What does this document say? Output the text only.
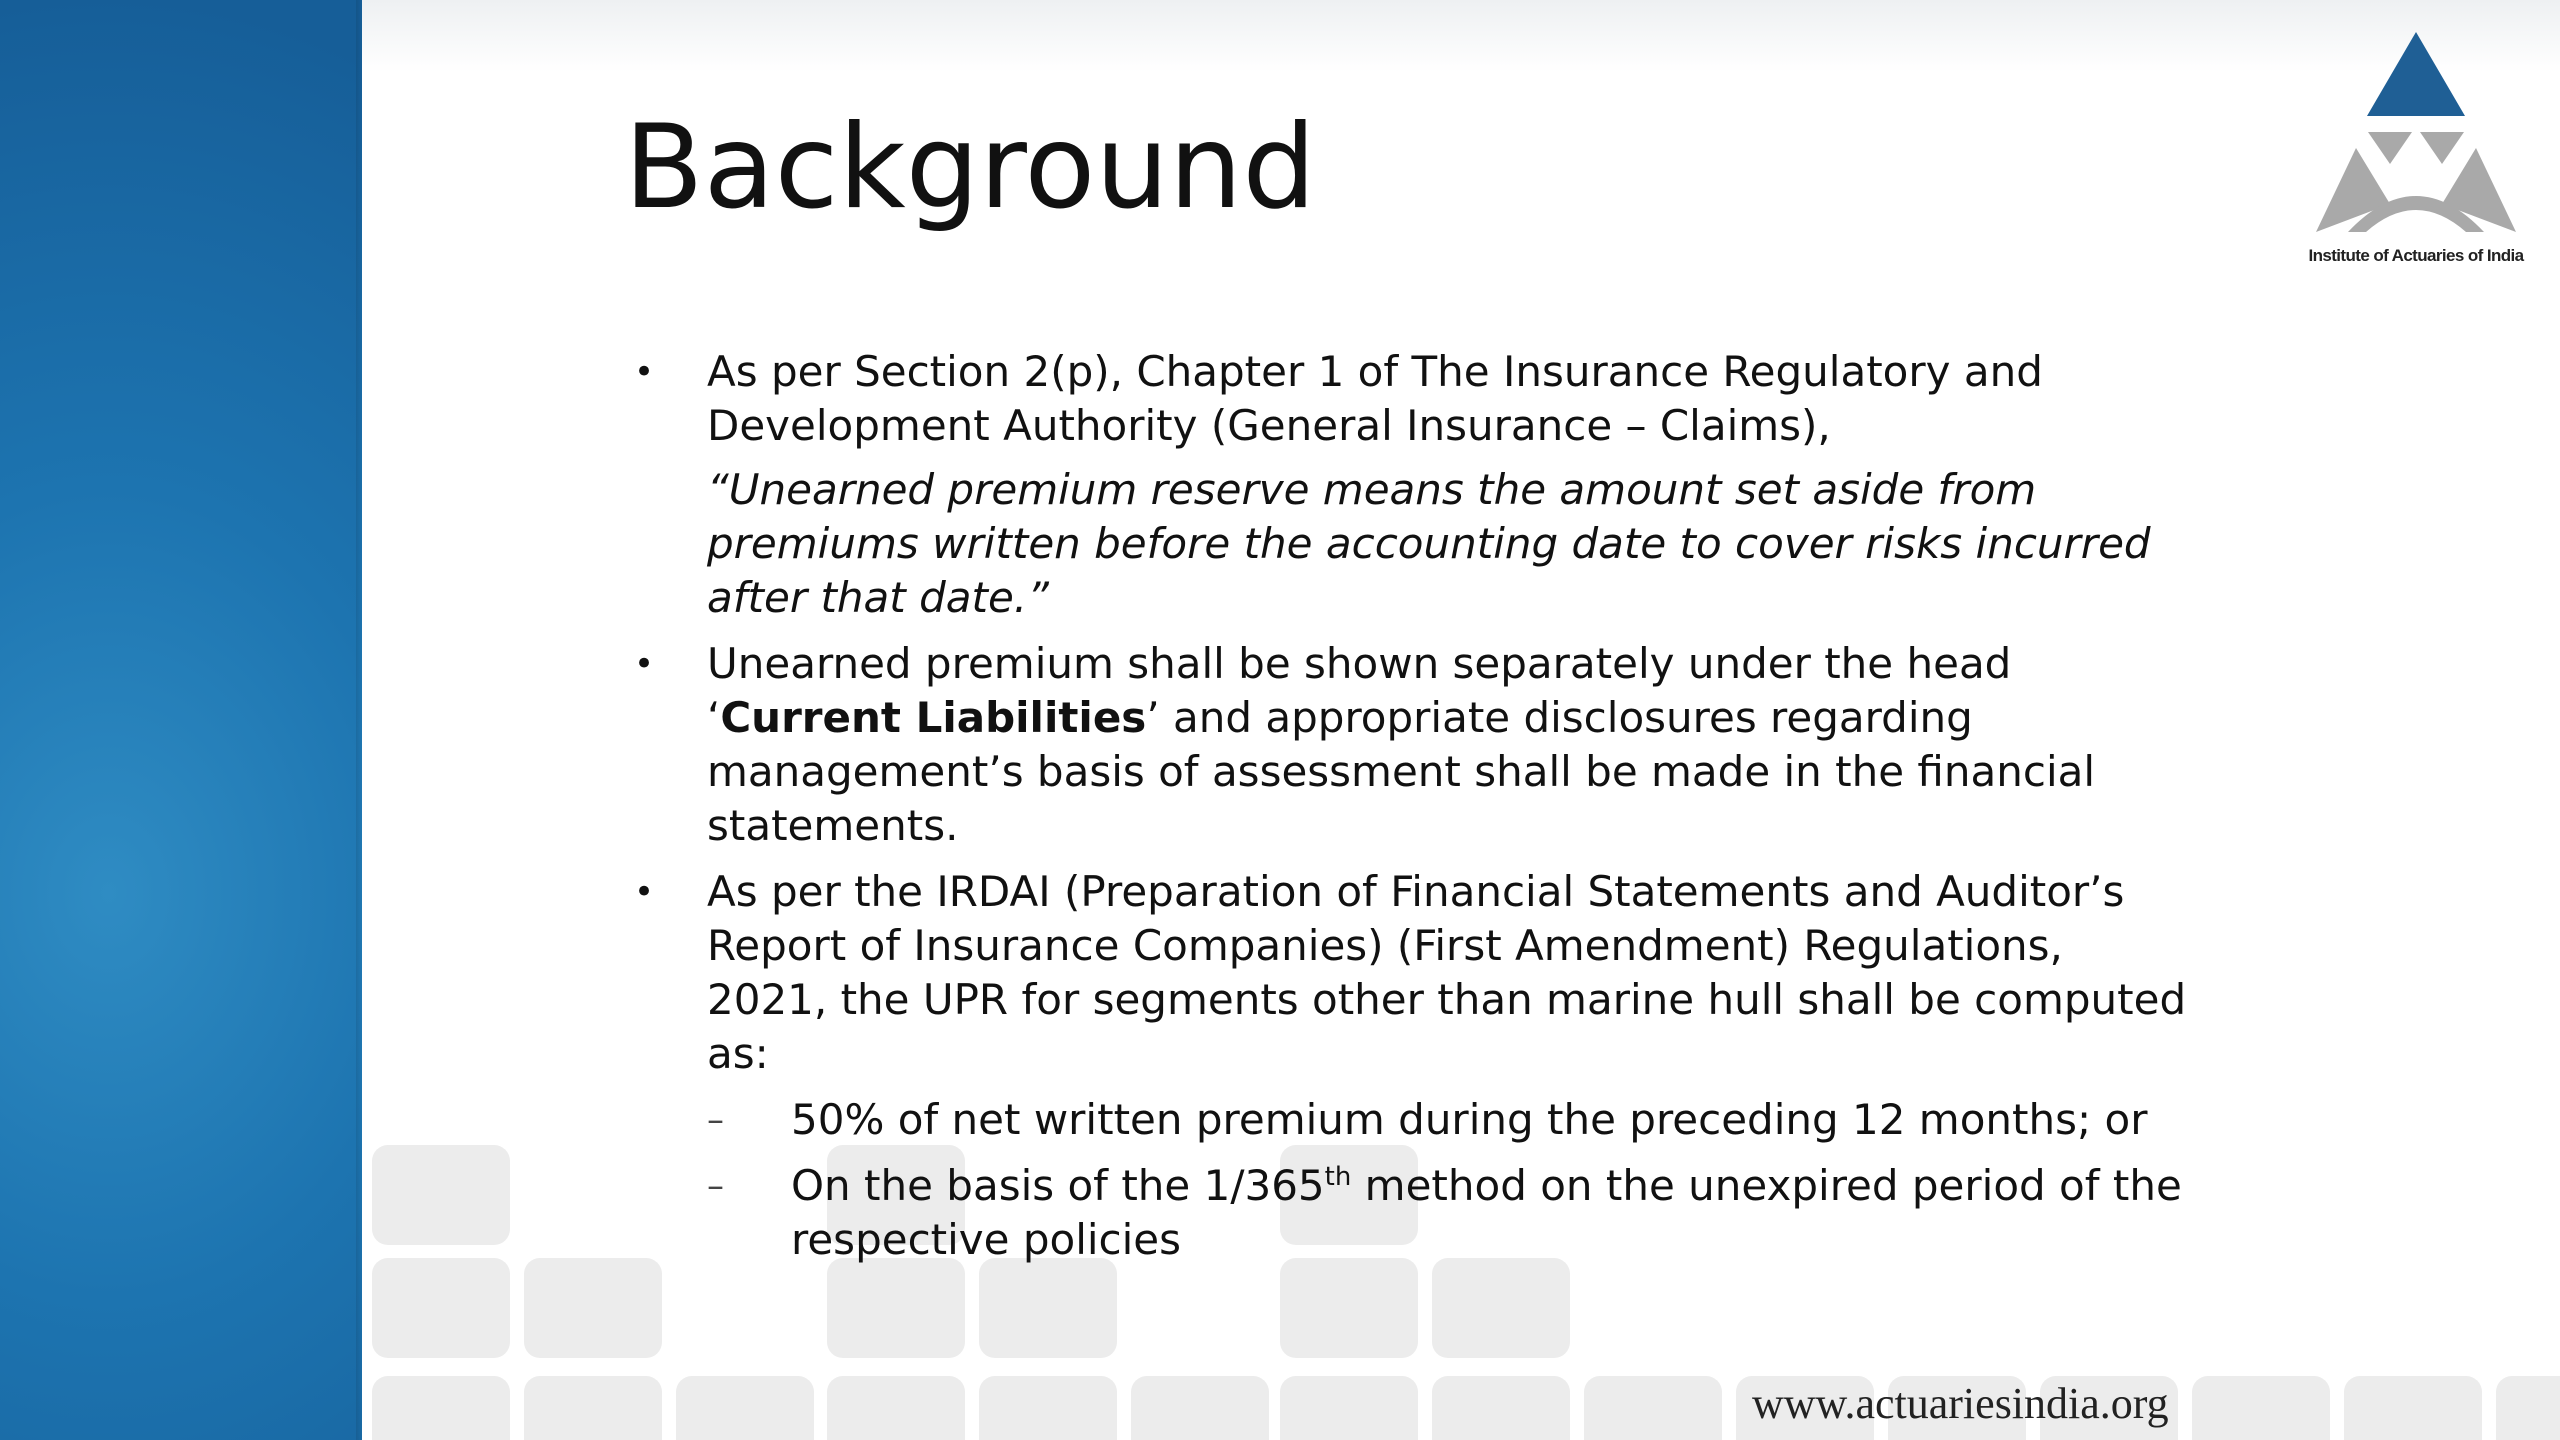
Background
• As per Section 2(p), Chapter 1 of The Insurance Regulatory and Development Authority (General Insurance – Claims),

“Unearned premium reserve means the amount set aside from premiums written before the accounting date to cover risks incurred after that date.”

• Unearned premium shall be shown separately under the head ‘Current Liabilities’ and appropriate disclosures regarding management’s basis of assessment shall be made in the financial statements.

• As per the IRDAI (Preparation of Financial Statements and Auditor’s Report of Insurance Companies) (First Amendment) Regulations, 2021, the UPR for segments other than marine hull shall be computed as:

– 50% of net written premium during the preceding 12 months; or
– On the basis of the 1/365th method on the unexpired period of the respective policies
Institute of Actuaries of India
www.actuariesindia.org
